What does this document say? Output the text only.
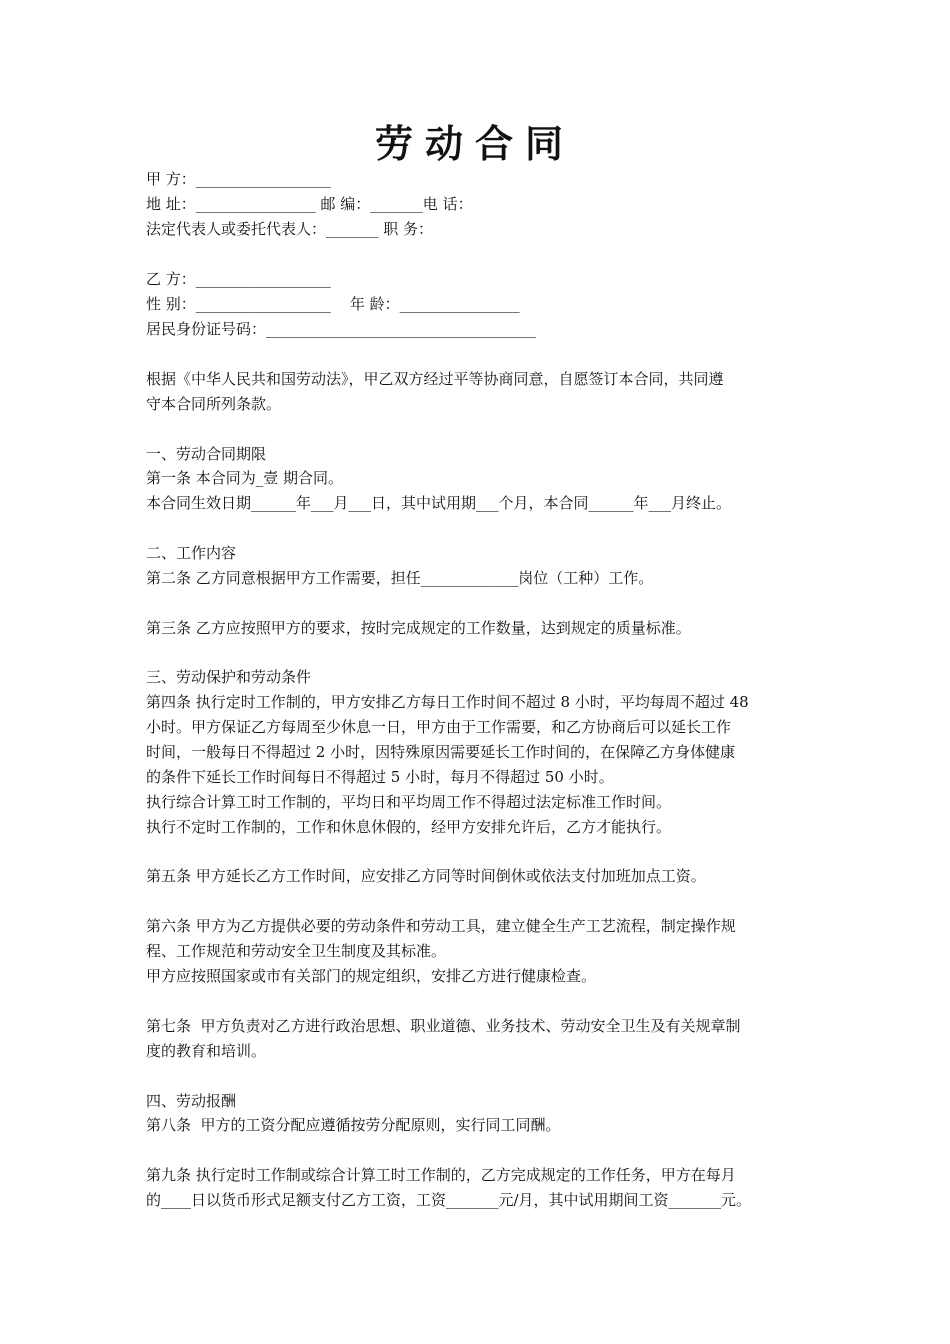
劳动合同
甲 方：__________________
地 址：________________ 邮 编：_______电 话：
法定代表人或委托代表人：_______ 职 务：
乙 方：__________________
性 别：__________________    年 龄：________________
居民身份证号码：____________________________________
根据《中华人民共和国劳动法》，甲乙双方经过平等协商同意，自愿签订本合同，共同遵
守本合同所列条款。
一、劳动合同期限
第一条 本合同为_壹 期合同。
本合同生效日期______年___月___日，其中试用期___个月，本合同______年___月终止。
二、工作内容
第二条 乙方同意根据甲方工作需要，担任_____________岗位（工种）工作。
第三条 乙方应按照甲方的要求，按时完成规定的工作数量，达到规定的质量标准。
三、劳动保护和劳动条件
第四条 执行定时工作制的，甲方安排乙方每日工作时间不超过 8 小时，平均每周不超过 48
小时。甲方保证乙方每周至少休息一日，甲方由于工作需要，和乙方协商后可以延长工作
时间，一般每日不得超过 2 小时，因特殊原因需要延长工作时间的，在保障乙方身体健康
的条件下延长工作时间每日不得超过 5 小时，每月不得超过 50 小时。
执行综合计算工时工作制的，平均日和平均周工作不得超过法定标准工作时间。
执行不定时工作制的，工作和休息休假的，经甲方安排允许后，乙方才能执行。
第五条 甲方延长乙方工作时间，应安排乙方同等时间倒休或依法支付加班加点工资。
第六条 甲方为乙方提供必要的劳动条件和劳动工具，建立健全生产工艺流程，制定操作规
程、工作规范和劳动安全卫生制度及其标准。
甲方应按照国家或市有关部门的规定组织，安排乙方进行健康检查。
第七条  甲方负责对乙方进行政治思想、职业道德、业务技术、劳动安全卫生及有关规章制
度的教育和培训。
四、劳动报酬
第八条  甲方的工资分配应遵循按劳分配原则，实行同工同酬。
第九条 执行定时工作制或综合计算工时工作制的，乙方完成规定的工作任务，甲方在每月
的____日以货币形式足额支付乙方工资，工资_______元/月，其中试用期间工资_______元。
